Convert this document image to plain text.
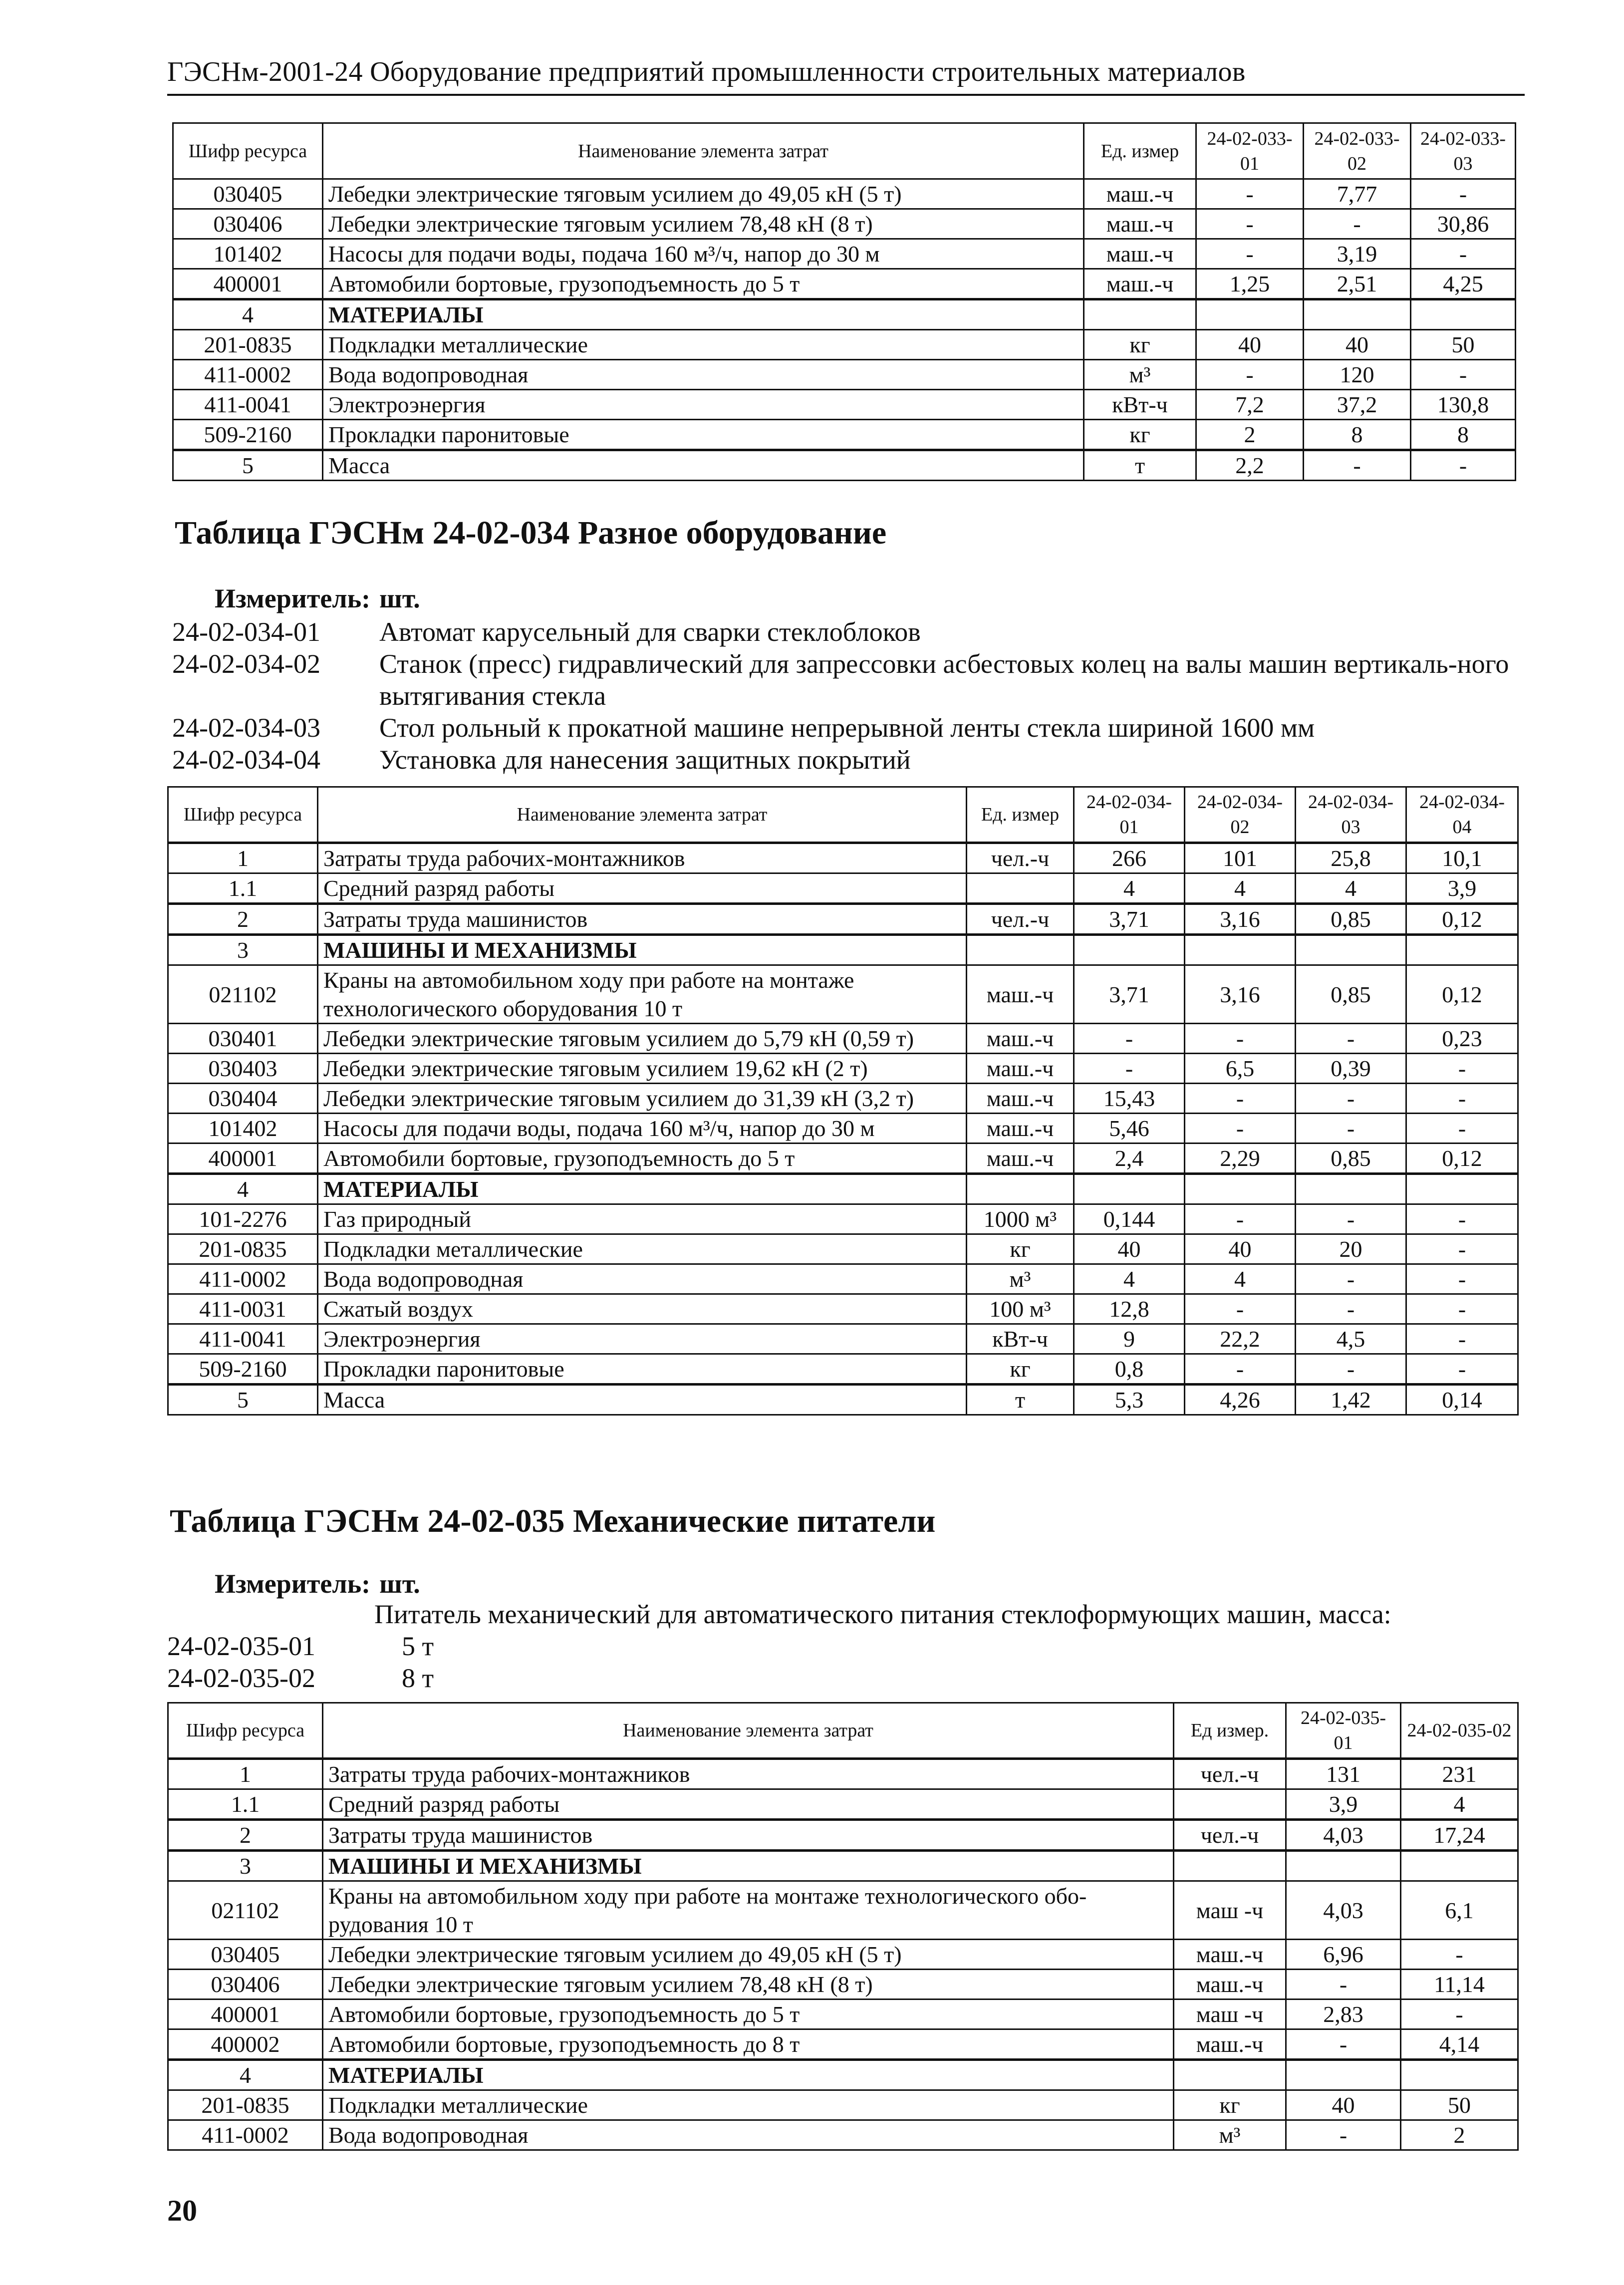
ГЭСНм-2001-24 Оборудование предприятий промышленности строительных материалов
Шифр ресурса	Наименование элемента затрат	Ед. измер	24-02-033-01	24-02-033-02	24-02-033-03
030405	Лебедки электрические тяговым усилием до 49,05 кН (5 т)	маш.-ч	-	7,77	-
030406	Лебедки электрические тяговым усилием 78,48 кН (8 т)	маш.-ч	-	-	30,86
101402	Насосы для подачи воды, подача 160 м³/ч, напор до 30 м	маш.-ч	-	3,19	-
400001	Автомобили бортовые, грузоподъемность до 5 т	маш.-ч	1,25	2,51	4,25
4	МАТЕРИАЛЫ				
201-0835	Подкладки металлические	кг	40	40	50
411-0002	Вода водопроводная	м³	-	120	-
411-0041	Электроэнергия	кВт-ч	7,2	37,2	130,8
509-2160	Прокладки паронитовые	кг	2	8	8
5	Масса	т	2,2	-	-
Таблица ГЭСНм 24-02-034 Разное оборудование
Измеритель: шт.
24-02-034-01	Автомат карусельный для сварки стеклоблоков
24-02-034-02	Станок (пресс) гидравлический для запрессовки асбестовых колец на валы машин вертикаль-ного вытягивания стекла
24-02-034-03	Стол рольный к прокатной машине непрерывной ленты стекла шириной 1600 мм
24-02-034-04	Установка для нанесения защитных покрытий
Шифр ресурса	Наименование элемента затрат	Ед. измер	24-02-034-01	24-02-034-02	24-02-034-03	24-02-034-04
1	Затраты труда рабочих-монтажников	чел.-ч	266	101	25,8	10,1
1.1	Средний разряд работы		4	4	4	3,9
2	Затраты труда машинистов	чел.-ч	3,71	3,16	0,85	0,12
3	МАШИНЫ И МЕХАНИЗМЫ					
021102	Краны на автомобильном ходу при работе на монтаже технологического оборудования 10 т	маш.-ч	3,71	3,16	0,85	0,12
030401	Лебедки электрические тяговым усилием до 5,79 кН (0,59 т)	маш.-ч	-	-	-	0,23
030403	Лебедки электрические тяговым усилием 19,62 кН (2 т)	маш.-ч	-	6,5	0,39	-
030404	Лебедки электрические тяговым усилием до 31,39 кН (3,2 т)	маш.-ч	15,43	-	-	-
101402	Насосы для подачи воды, подача 160 м³/ч, напор до 30 м	маш.-ч	5,46	-	-	-
400001	Автомобили бортовые, грузоподъемность до 5 т	маш.-ч	2,4	2,29	0,85	0,12
4	МАТЕРИАЛЫ					
101-2276	Газ природный	1000 м³	0,144	-	-	-
201-0835	Подкладки металлические	кг	40	40	20	-
411-0002	Вода водопроводная	м³	4	4	-	-
411-0031	Сжатый воздух	100 м³	12,8	-	-	-
411-0041	Электроэнергия	кВт-ч	9	22,2	4,5	-
509-2160	Прокладки паронитовые	кг	0,8	-	-	-
5	Масса	т	5,3	4,26	1,42	0,14
Таблица ГЭСНм 24-02-035 Механические питатели
Измеритель: шт.
Питатель механический для автоматического питания стеклоформующих машин, масса:
24-02-035-01	5 т
24-02-035-02	8 т
Шифр ресурса	Наименование элемента затрат	Ед измер.	24-02-035-01	24-02-035-02
1	Затраты труда рабочих-монтажников	чел.-ч	131	231
1.1	Средний разряд работы		3,9	4
2	Затраты труда машинистов	чел.-ч	4,03	17,24
3	МАШИНЫ И МЕХАНИЗМЫ			
021102	Краны на автомобильном ходу при работе на монтаже технологического обо-рудования 10 т	маш -ч	4,03	6,1
030405	Лебедки электрические тяговым усилием до 49,05 кН (5 т)	маш.-ч	6,96	-
030406	Лебедки электрические тяговым усилием 78,48 кН (8 т)	маш.-ч	-	11,14
400001	Автомобили бортовые, грузоподъемность до 5 т	маш -ч	2,83	-
400002	Автомобили бортовые, грузоподъемность до 8 т	маш.-ч	-	4,14
4	МАТЕРИАЛЫ			
201-0835	Подкладки металлические	кг	40	50
411-0002	Вода водопроводная	м³	-	2
20
